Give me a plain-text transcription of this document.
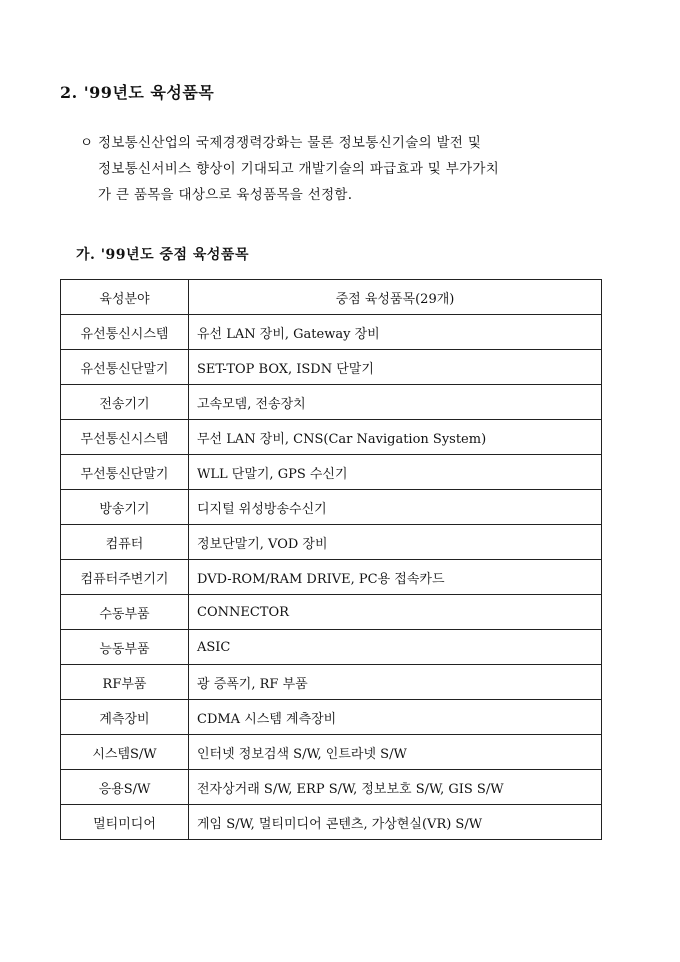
2. '99년도 육성품목
ㅇ 정보통신산업의 국제경쟁력강화는 물론 정보통신기술의 발전 및
정보통신서비스 향상이 기대되고 개발기술의 파급효과 및 부가가치
가 큰 품목을 대상으로 육성품목을 선정함.
가. '99년도 중점 육성품목
육성분야	중점 육성품목(29개)
유선통신시스템	유선 LAN 장비, Gateway 장비
유선통신단말기	SET-TOP BOX, ISDN 단말기
전송기기	고속모뎀, 전송장치
무선통신시스템	무선 LAN 장비, CNS(Car Navigation System)
무선통신단말기	WLL 단말기, GPS 수신기
방송기기	디지털 위성방송수신기
컴퓨터	정보단말기, VOD 장비
컴퓨터주변기기	DVD-ROM/RAM DRIVE, PC용 접속카드
수동부품	CONNECTOR
능동부품	ASIC
RF부품	광 증폭기, RF 부품
계측장비	CDMA 시스템 계측장비
시스템S/W	인터넷 정보검색 S/W, 인트라넷 S/W
응용S/W	전자상거래 S/W, ERP S/W, 정보보호 S/W, GIS S/W
멀티미디어	게임 S/W, 멀티미디어 콘텐츠, 가상현실(VR) S/W
